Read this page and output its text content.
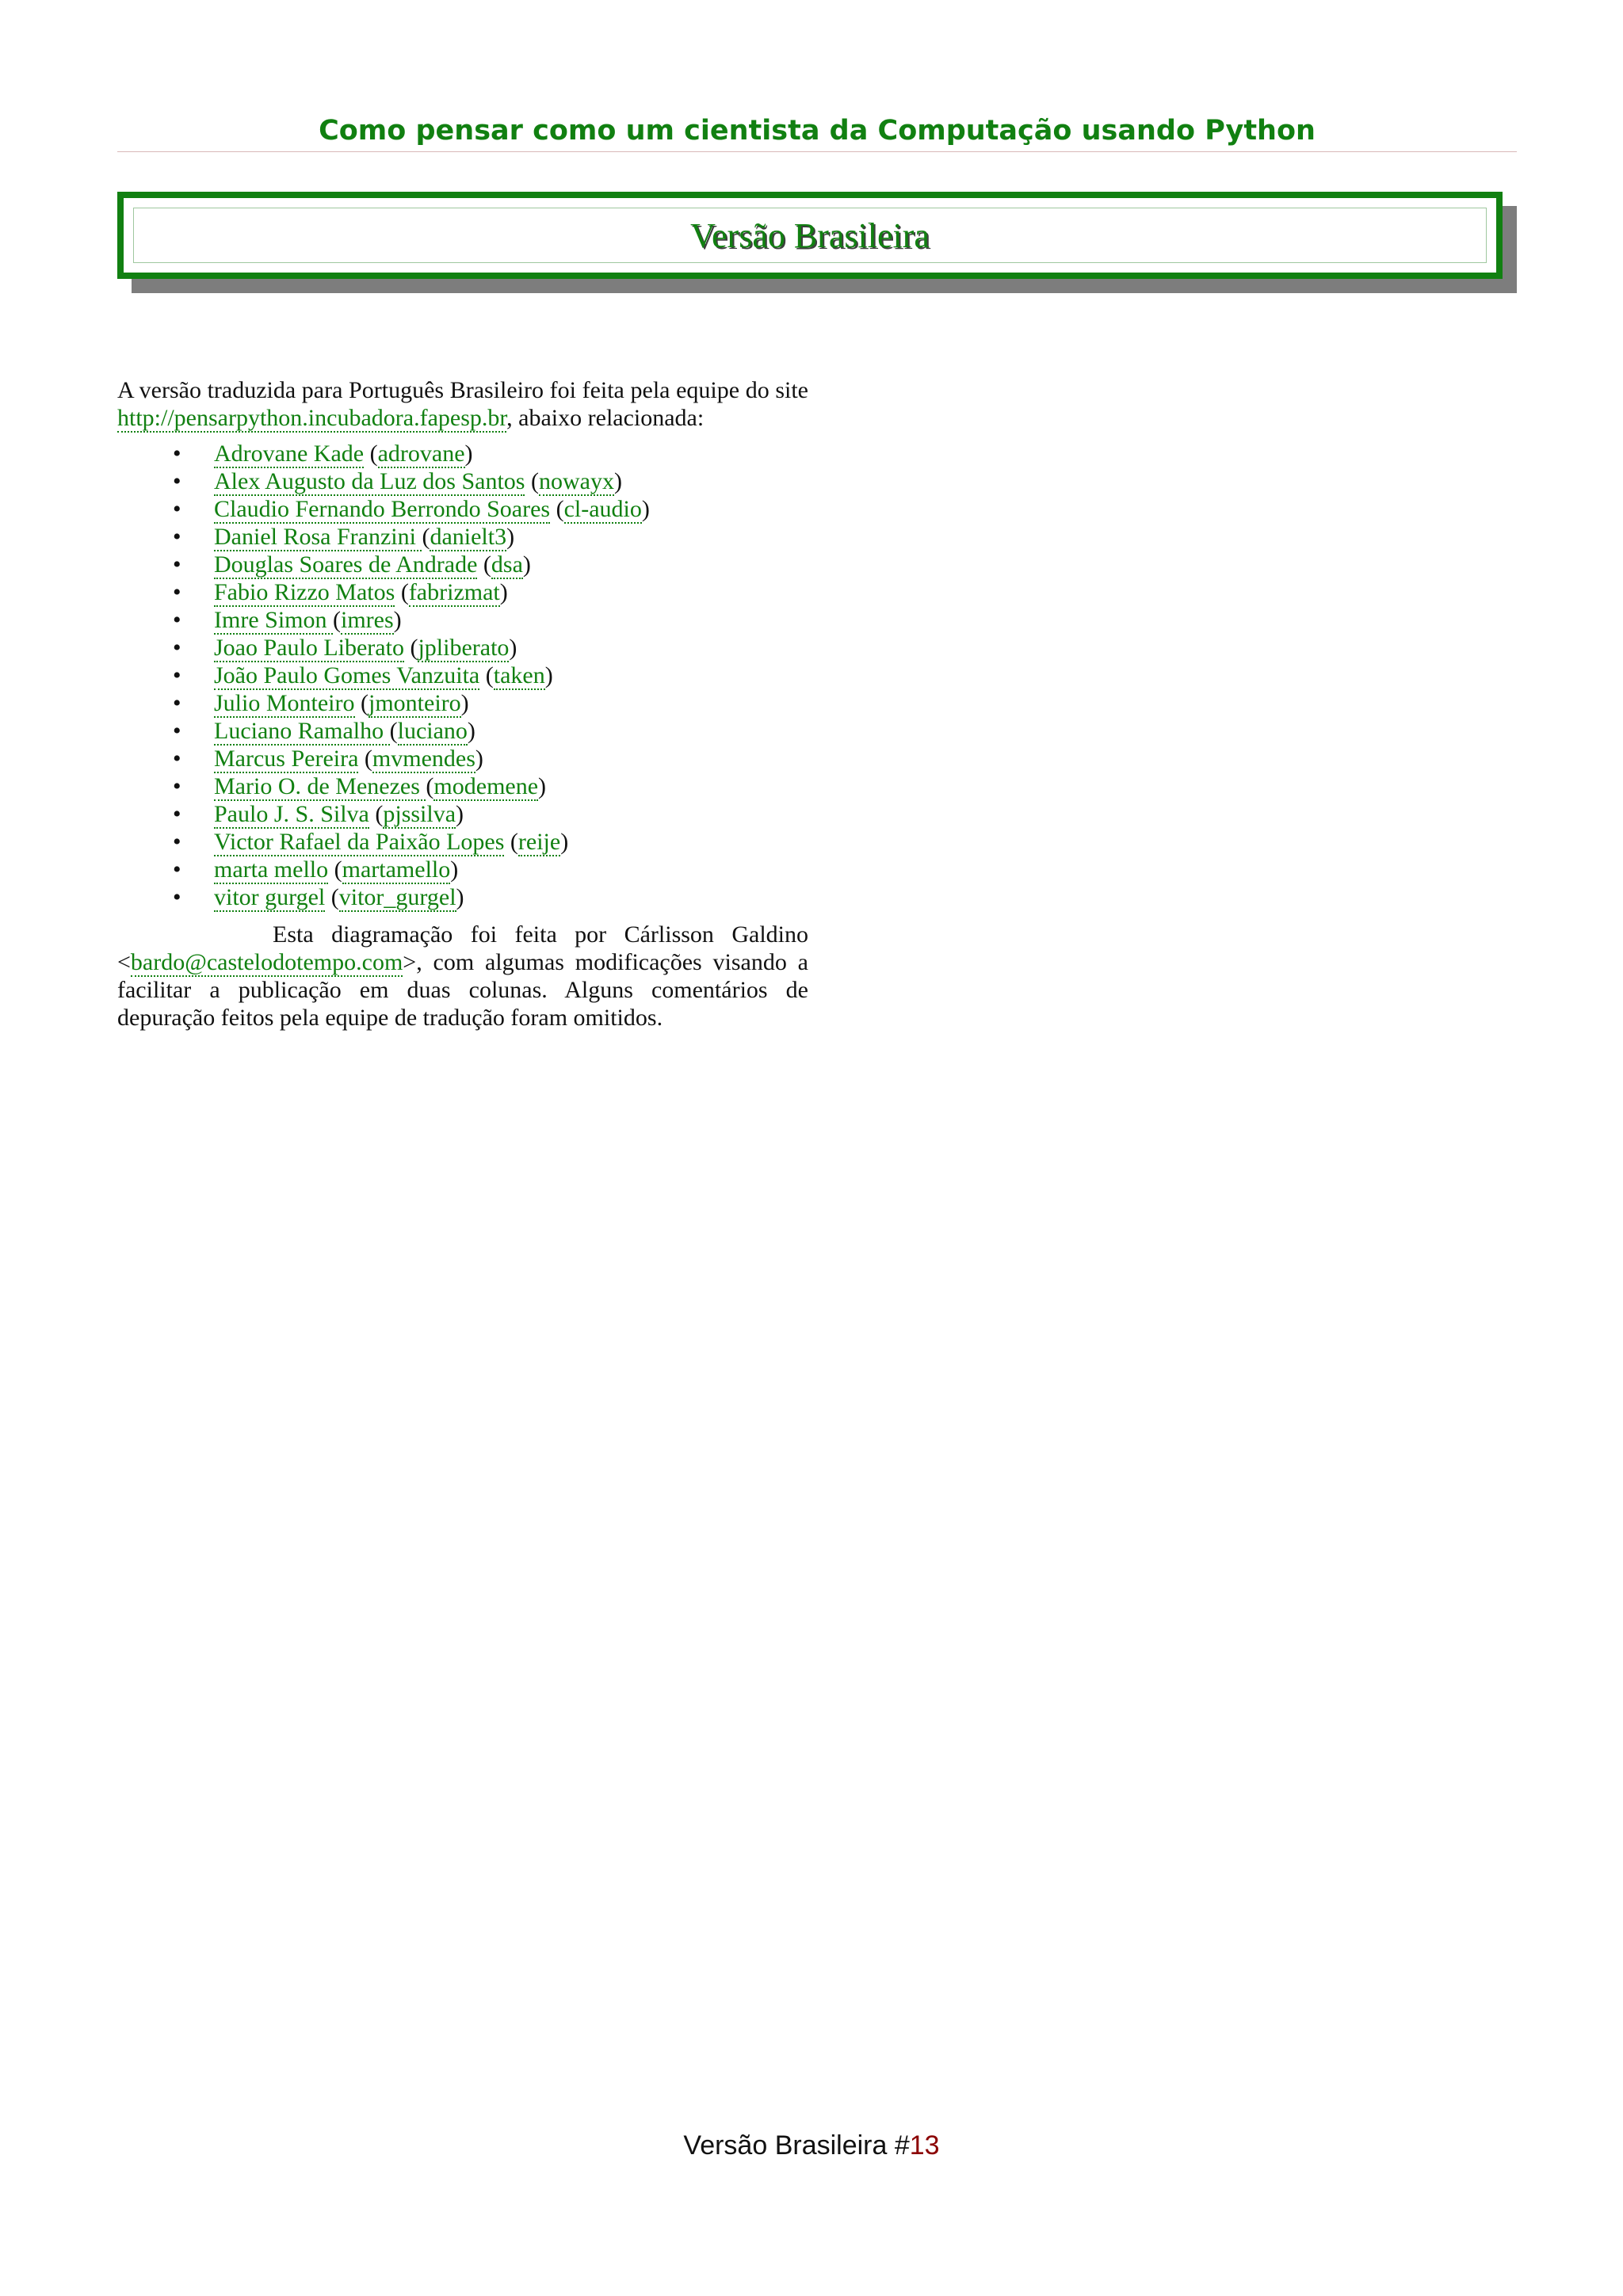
Como pensar como um cientista da Computação usando Python
Versão Brasileira

A versão traduzida para Português Brasileiro foi feita pela equipe do site http://pensarpython.incubadora.fapesp.br, abaixo relacionada:

• Adrovane Kade (adrovane)
• Alex Augusto da Luz dos Santos (nowayx)
• Claudio Fernando Berrondo Soares (cl-audio)
• Daniel Rosa Franzini (danielt3)
• Douglas Soares de Andrade (dsa)
• Fabio Rizzo Matos (fabrizmat)
• Imre Simon (imres)
• Joao Paulo Liberato (jpliberato)
• João Paulo Gomes Vanzuita (taken)
• Julio Monteiro (jmonteiro)
• Luciano Ramalho (luciano)
• Marcus Pereira (mvmendes)
• Mario O. de Menezes (modemene)
• Paulo J. S. Silva (pjssilva)
• Victor Rafael da Paixão Lopes (reije)
• marta mello (martamello)
• vitor gurgel (vitor_gurgel)

Esta diagramação foi feita por Cárlisson Galdino <bardo@castelodotempo.com>, com algumas modificações visando a facilitar a publicação em duas colunas. Alguns comentários de depuração feitos pela equipe de tradução foram omitidos.

Versão Brasileira #13
